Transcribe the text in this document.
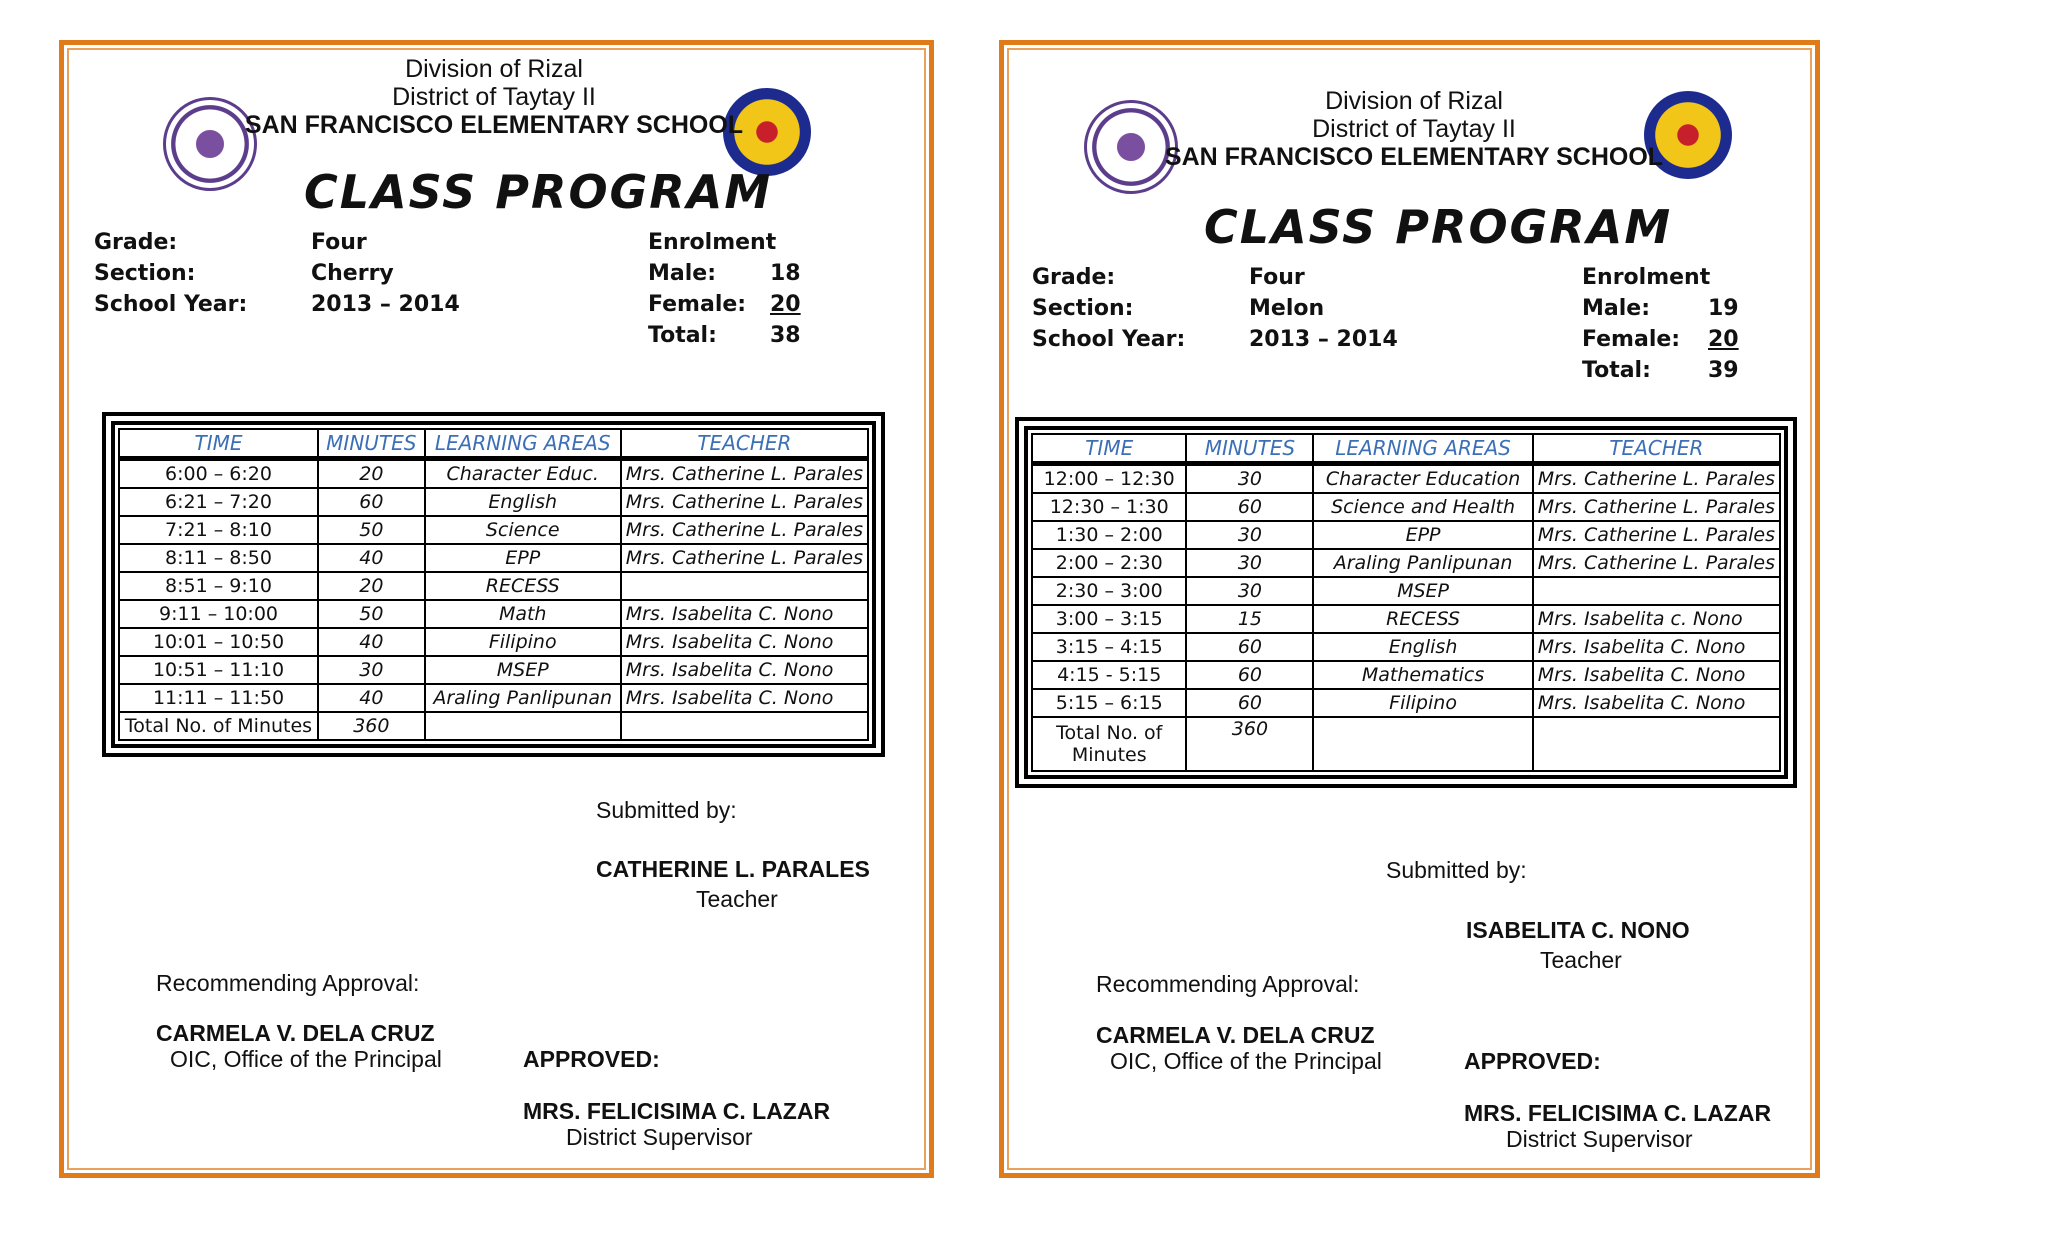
Division of Rizal
District of Taytay II
SAN FRANCISCO ELEMENTARY SCHOOL
CLASS PROGRAM
Grade:	Four
Section:	Cherry
School Year:	2013 – 2014
Enrolment
Male: 18
Female: 20
Total: 38
TIME	MINUTES	LEARNING AREAS	TEACHER
6:00 – 6:20	20	Character Educ.	Mrs. Catherine L. Parales
6:21 – 7:20	60	English	Mrs. Catherine L. Parales
7:21 – 8:10	50	Science	Mrs. Catherine L. Parales
8:11 – 8:50	40	EPP	Mrs. Catherine L. Parales
8:51 – 9:10	20	RECESS	
9:11 – 10:00	50	Math	Mrs. Isabelita C. Nono
10:01 – 10:50	40	Filipino	Mrs. Isabelita C. Nono
10:51 – 11:10	30	MSEP	Mrs. Isabelita C. Nono
11:11 – 11:50	40	Araling Panlipunan	Mrs. Isabelita C. Nono
Total No. of Minutes	360		
Submitted by:
CATHERINE L. PARALES
Teacher
Recommending Approval:
CARMELA V. DELA CRUZ
OIC, Office of the Principal	APPROVED:
MRS. FELICISIMA C. LAZAR
District Supervisor
Division of Rizal
District of Taytay II
SAN FRANCISCO ELEMENTARY SCHOOL
CLASS PROGRAM
Grade:	Four
Section:	Melon
School Year:	2013 – 2014
Enrolment
Male:	19
Female: 20
Total:	39
TIME	MINUTES	LEARNING AREAS	TEACHER
12:00 – 12:30	30	Character Education	Mrs. Catherine L. Parales
12:30 – 1:30	60	Science and Health	Mrs. Catherine L. Parales
1:30 – 2:00	30	EPP	Mrs. Catherine L. Parales
2:00 – 2:30	30	Araling Panlipunan	Mrs. Catherine L. Parales
2:30 – 3:00	30	MSEP	
3:00 – 3:15	15	RECESS	Mrs. Isabelita c. Nono
3:15 – 4:15	60	English	Mrs. Isabelita C. Nono
4:15 - 5:15	60	Mathematics	Mrs. Isabelita C. Nono
5:15 – 6:15	60	Filipino	Mrs. Isabelita C. Nono
Total No. of Minutes	360		
Submitted by:
ISABELITA C. NONO
Teacher
Recommending Approval:
CARMELA V. DELA CRUZ
OIC, Office of the Principal	APPROVED:
MRS. FELICISIMA C. LAZAR
District Supervisor
